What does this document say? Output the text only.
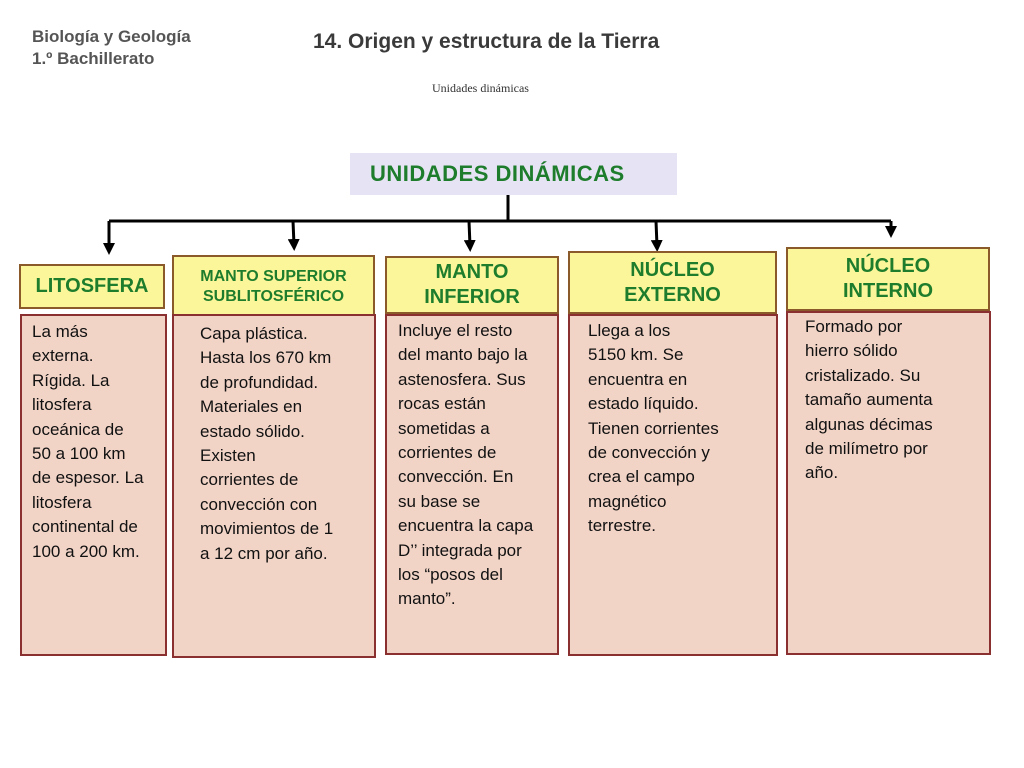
Biología y Geología
1.º Bachillerato
14. Origen y estructura de la Tierra
Unidades dinámicas
UNIDADES DINÁMICAS
LITOSFERA
La más
externa.
Rígida. La
litosfera
oceánica de
50 a 100 km
de espesor. La
litosfera
continental de
100 a 200 km.
MANTO SUPERIOR
SUBLITOSFÉRICO
Capa plástica.
Hasta los 670 km
de profundidad.
Materiales en
estado sólido.
Existen
corrientes de
convección con
movimientos de 1
a 12 cm por año.
MANTO
INFERIOR
Incluye el resto
del manto bajo la
astenosfera. Sus
rocas están
sometidas a
corrientes de
convección. En
su base se
encuentra la capa
D’’ integrada por
los “posos del
manto”.
NÚCLEO
EXTERNO
Llega a los
5150 km. Se
encuentra en
estado líquido.
Tienen corrientes
de convección y
crea el campo
magnético
terrestre.
NÚCLEO
INTERNO
Formado por
hierro sólido
cristalizado. Su
tamaño aumenta
algunas décimas
de milímetro por
año.
